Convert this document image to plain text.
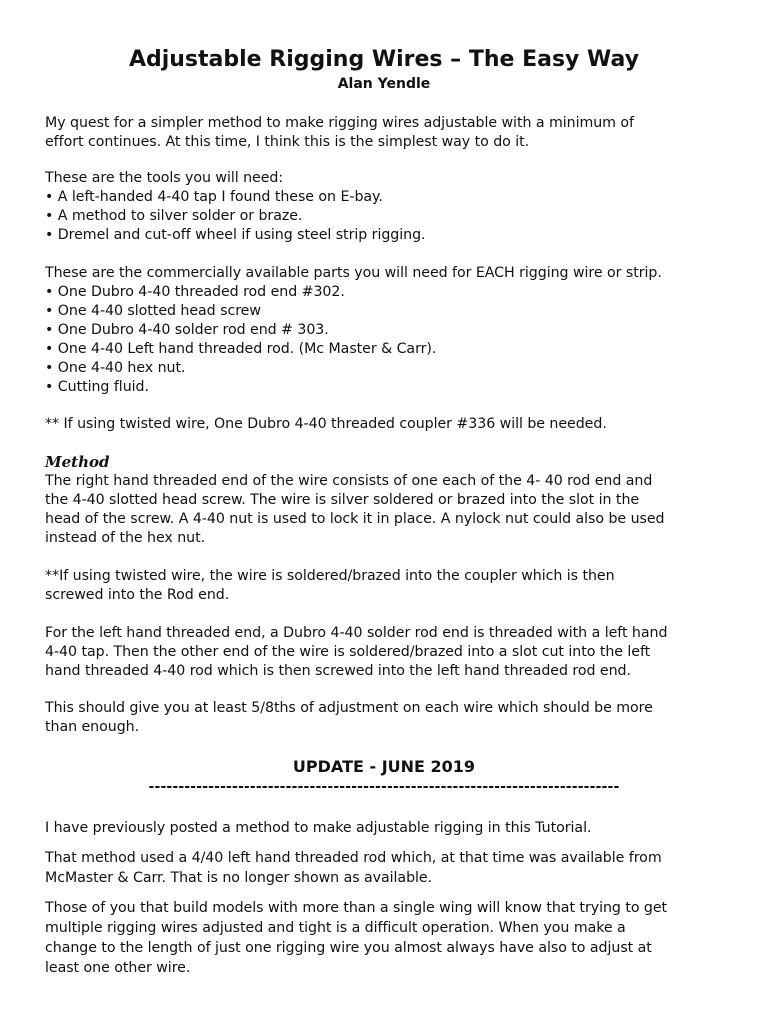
Adjustable Rigging Wires – The Easy Way
Alan Yendle
My quest for a simpler method to make rigging wires adjustable with a minimum of
effort continues. At this time, I think this is the simplest way to do it.
These are the tools you will need:
• A left-handed 4-40 tap I found these on E-bay.
• A method to silver solder or braze.
• Dremel and cut-off wheel if using steel strip rigging.
These are the commercially available parts you will need for EACH rigging wire or strip.
• One Dubro 4-40 threaded rod end #302.
• One 4-40 slotted head screw
• One Dubro 4-40 solder rod end # 303.
• One 4-40 Left hand threaded rod. (Mc Master & Carr).
• One 4-40 hex nut.
• Cutting fluid.
** If using twisted wire, One Dubro 4-40 threaded coupler #336 will be needed.
Method
The right hand threaded end of the wire consists of one each of the 4- 40 rod end and
the 4-40 slotted head screw. The wire is silver soldered or brazed into the slot in the
head of the screw. A 4-40 nut is used to lock it in place. A nylock nut could also be used
instead of the hex nut.
**If using twisted wire, the wire is soldered/brazed into the coupler which is then
screwed into the Rod end.
For the left hand threaded end, a Dubro 4-40 solder rod end is threaded with a left hand
4-40 tap. Then the other end of the wire is soldered/brazed into a slot cut into the left
hand threaded 4-40 rod which is then screwed into the left hand threaded rod end.
This should give you at least 5/8ths of adjustment on each wire which should be more
than enough.
UPDATE - JUNE 2019
-------------------------------------------------------------------------------
I have previously posted a method to make adjustable rigging in this Tutorial.
That method used a 4/40 left hand threaded rod which, at that time was available from
McMaster & Carr. That is no longer shown as available.
Those of you that build models with more than a single wing will know that trying to get
multiple rigging wires adjusted and tight is a difficult operation. When you make a
change to the length of just one rigging wire you almost always have also to adjust at
least one other wire.
